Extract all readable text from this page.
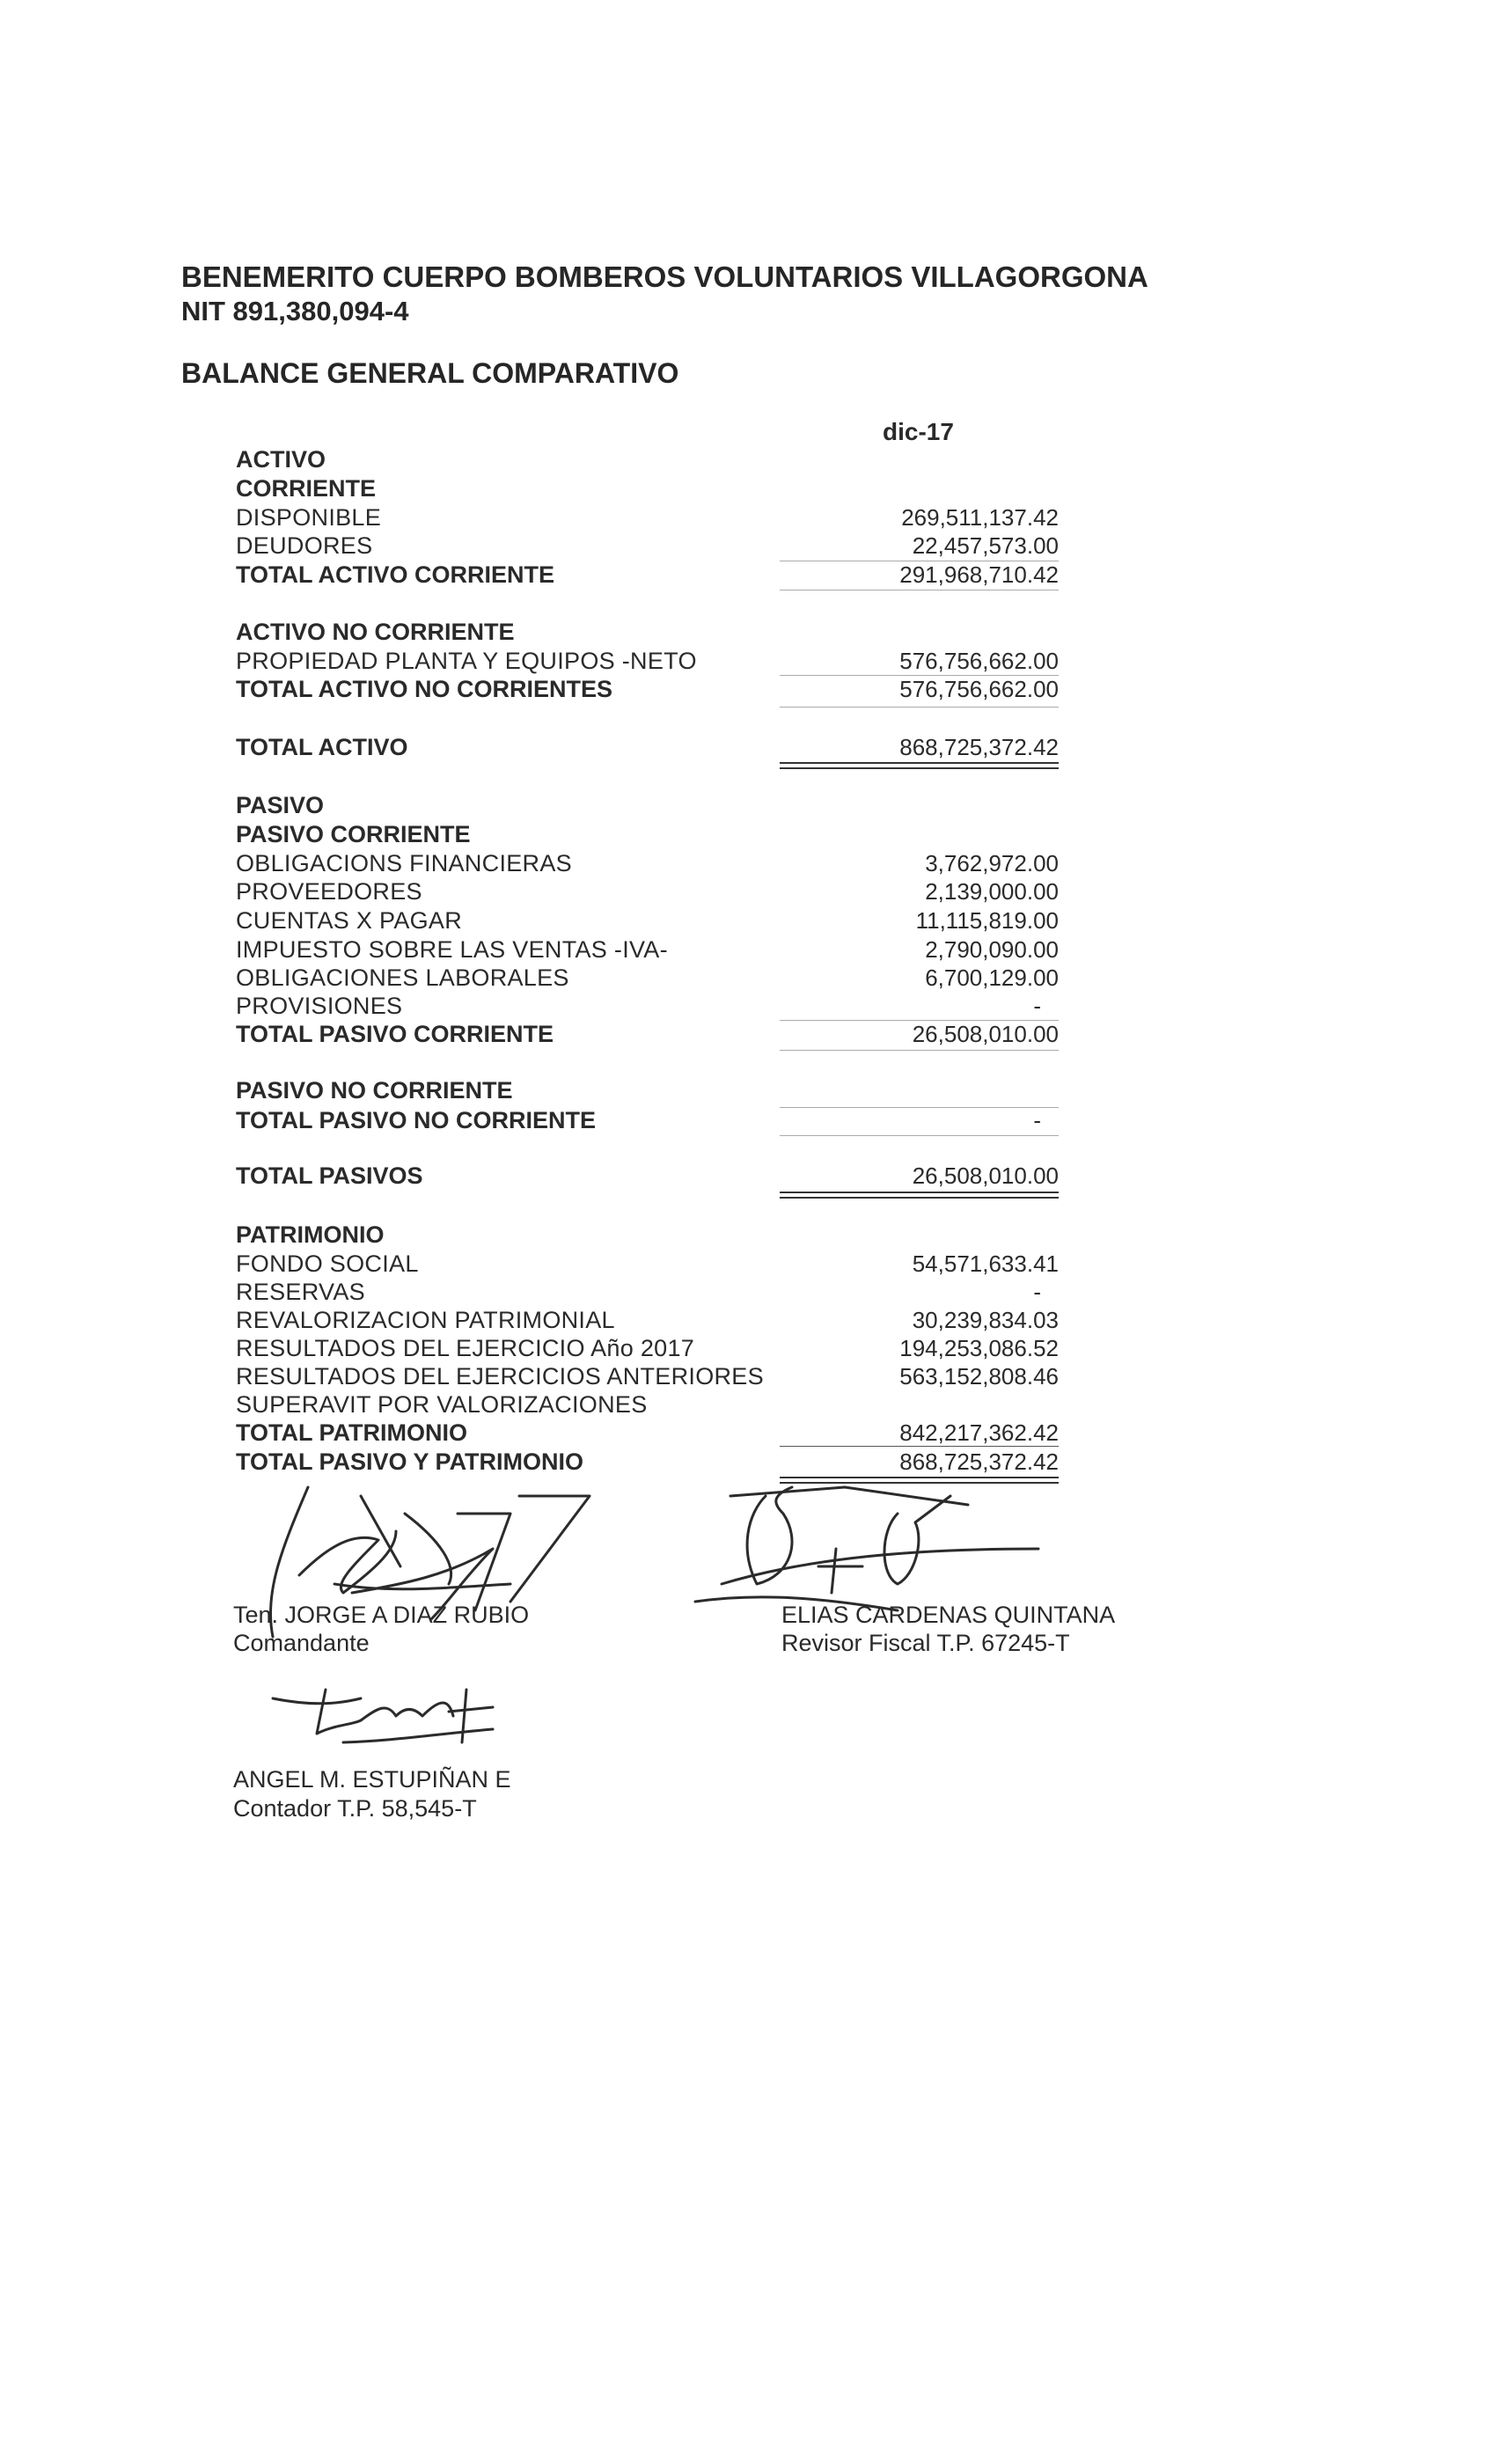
BENEMERITO CUERPO BOMBEROS VOLUNTARIOS VILLAGORGONA
NIT 891,380,094-4
BALANCE GENERAL COMPARATIVO
dic-17
ACTIVO
CORRIENTE
DISPONIBLE	269,511,137.42
DEUDORES	22,457,573.00
TOTAL ACTIVO CORRIENTE	291,968,710.42
ACTIVO NO CORRIENTE
PROPIEDAD PLANTA Y EQUIPOS -NETO	576,756,662.00
TOTAL ACTIVO NO CORRIENTES	576,756,662.00
TOTAL ACTIVO	868,725,372.42
PASIVO
PASIVO CORRIENTE
OBLIGACIONS FINANCIERAS	3,762,972.00
PROVEEDORES	2,139,000.00
CUENTAS X PAGAR	11,115,819.00
IMPUESTO SOBRE LAS VENTAS -IVA-	2,790,090.00
OBLIGACIONES LABORALES	6,700,129.00
PROVISIONES	-
TOTAL PASIVO CORRIENTE	26,508,010.00
PASIVO NO CORRIENTE
TOTAL PASIVO NO CORRIENTE	-
TOTAL PASIVOS	26,508,010.00
PATRIMONIO
FONDO SOCIAL	54,571,633.41
RESERVAS	-
REVALORIZACION PATRIMONIAL	30,239,834.03
RESULTADOS DEL EJERCICIO Año 2017	194,253,086.52
RESULTADOS DEL EJERCICIOS ANTERIORES	563,152,808.46
SUPERAVIT POR VALORIZACIONES
TOTAL PATRIMONIO	842,217,362.42
TOTAL PASIVO Y PATRIMONIO	868,725,372.42
Ten. JORGE A DIAZ RUBIO
Comandante
ELIAS CARDENAS QUINTANA
Revisor Fiscal T.P. 67245-T
ANGEL M. ESTUPIÑAN E
Contador T.P. 58,545-T
